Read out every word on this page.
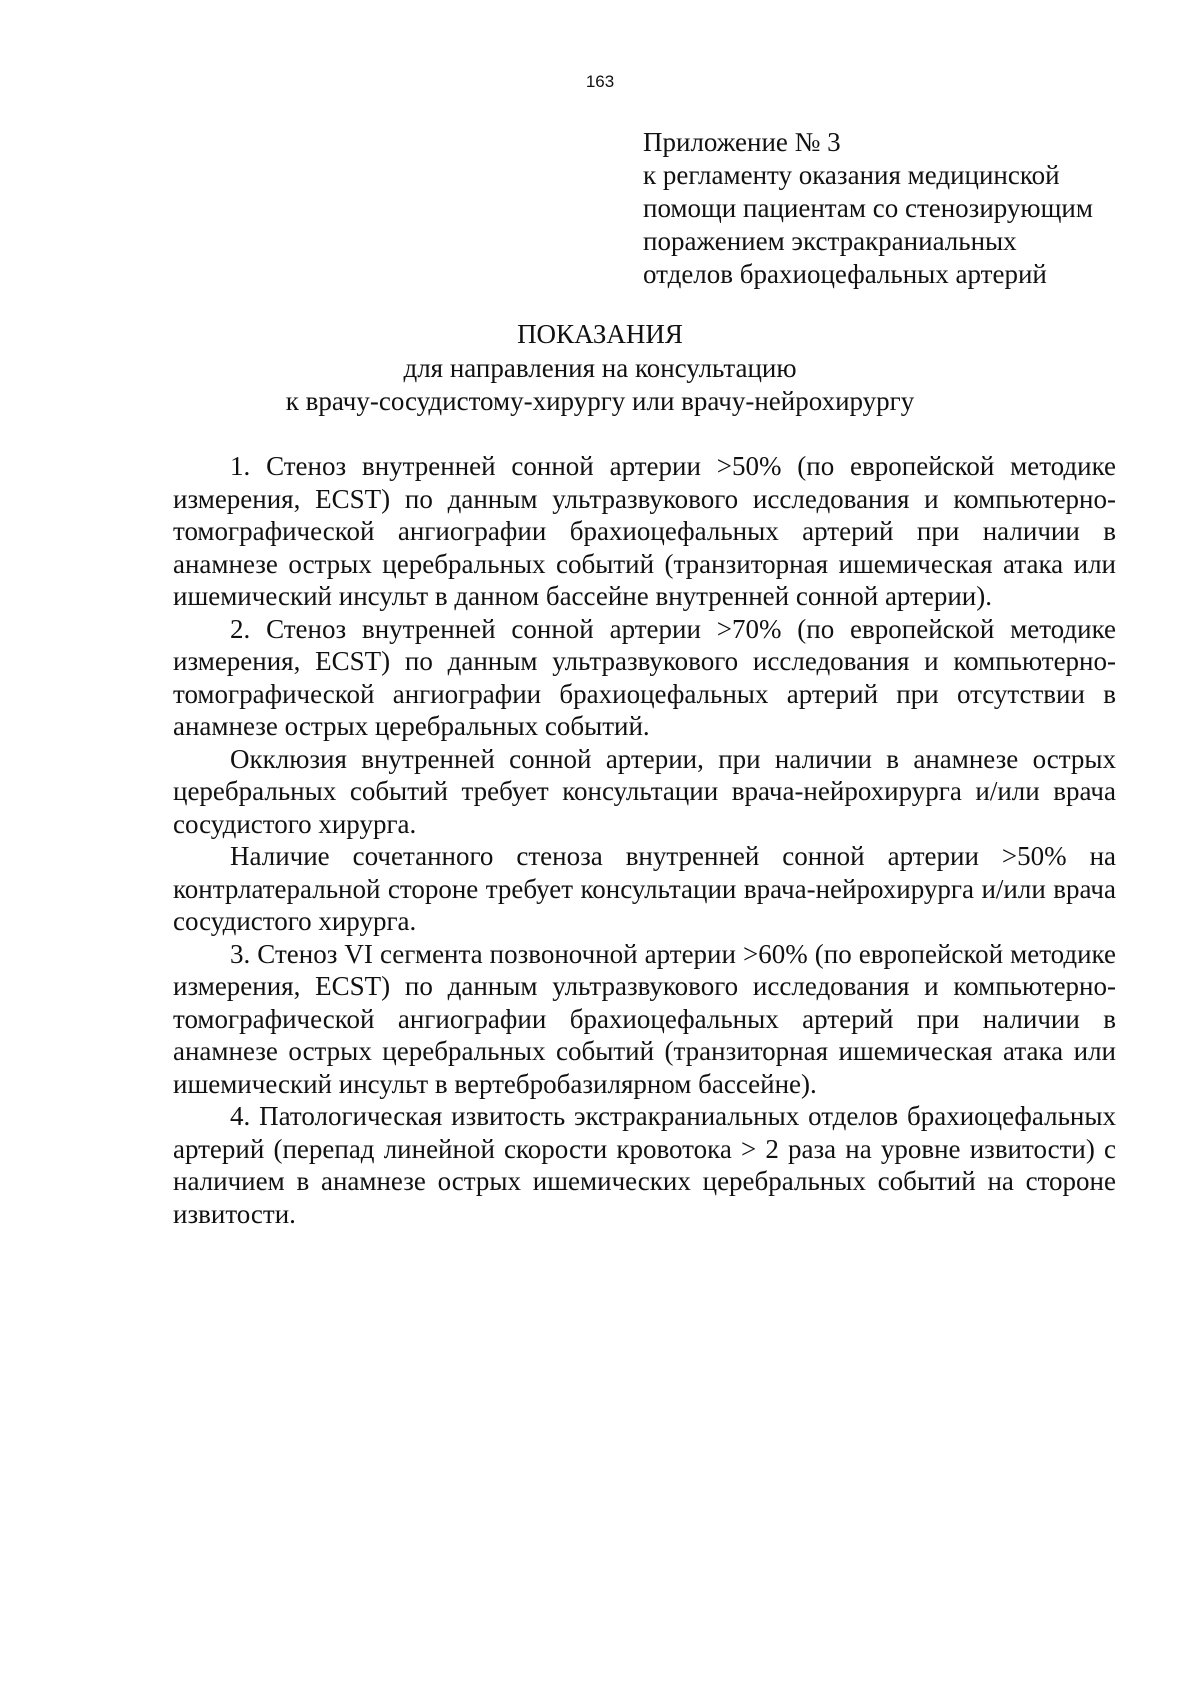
163
Приложение № 3
к регламенту оказания медицинской
помощи пациентам со стенозирующим
поражением экстракраниальных
отделов брахиоцефальных артерий
ПОКАЗАНИЯ
для направления на консультацию
к врачу-сосудистому-хирургу или врачу-нейрохирургу

1. Стеноз внутренней сонной артерии >50% (по европейской методике измерения, ECST) по данным ультразвукового исследования и компьютерно-томографической ангиографии брахиоцефальных артерий при наличии в анамнезе острых церебральных событий (транзиторная ишемическая атака или ишемический инсульт в данном бассейне внутренней сонной артерии).

2. Стеноз внутренней сонной артерии >70% (по европейской методике измерения, ECST) по данным ультразвукового исследования и компьютерно-томографической ангиографии брахиоцефальных артерий при отсутствии в анамнезе острых церебральных событий.

Окклюзия внутренней сонной артерии, при наличии в анамнезе острых церебральных событий требует консультации врача-нейрохирурга и/или врача сосудистого хирурга.

Наличие сочетанного стеноза внутренней сонной артерии >50% на контрлатеральной стороне требует консультации врача-нейрохирурга и/или врача сосудистого хирурга.

3. Стеноз VI сегмента позвоночной артерии >60% (по европейской методике измерения, ECST) по данным ультразвукового исследования и компьютерно-томографической ангиографии брахиоцефальных артерий при наличии в анамнезе острых церебральных событий (транзиторная ишемическая атака или ишемический инсульт в вертебробазилярном бассейне).

4. Патологическая извитость экстракраниальных отделов брахиоцефальных артерий (перепад линейной скорости кровотока > 2 раза на уровне извитости) с наличием в анамнезе острых ишемических церебральных событий на стороне извитости.
